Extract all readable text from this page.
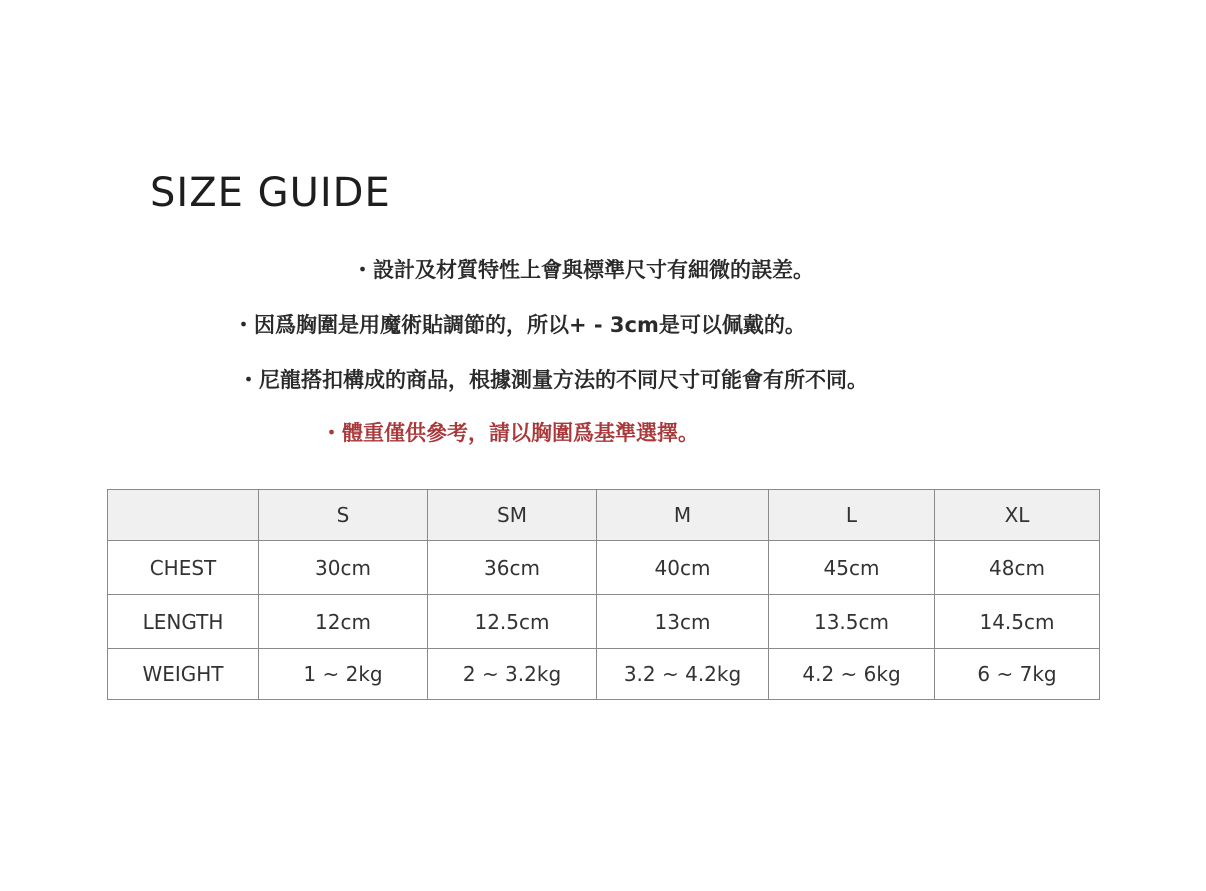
SIZE GUIDE
・設計及材質特性上會與標準尺寸有細微的誤差。
・因爲胸圍是用魔術貼調節的，所以+ - 3cm是可以佩戴的。
・尼龍搭扣構成的商品，根據測量方法的不同尺寸可能會有所不同。
・體重僅供參考，請以胸圍爲基準選擇。
	S	SM	M	L	XL
CHEST	30cm	36cm	40cm	45cm	48cm
LENGTH	12cm	12.5cm	13cm	13.5cm	14.5cm
WEIGHT	1 ~ 2kg	2 ~ 3.2kg	3.2 ~ 4.2kg	4.2 ~ 6kg	6 ~ 7kg
